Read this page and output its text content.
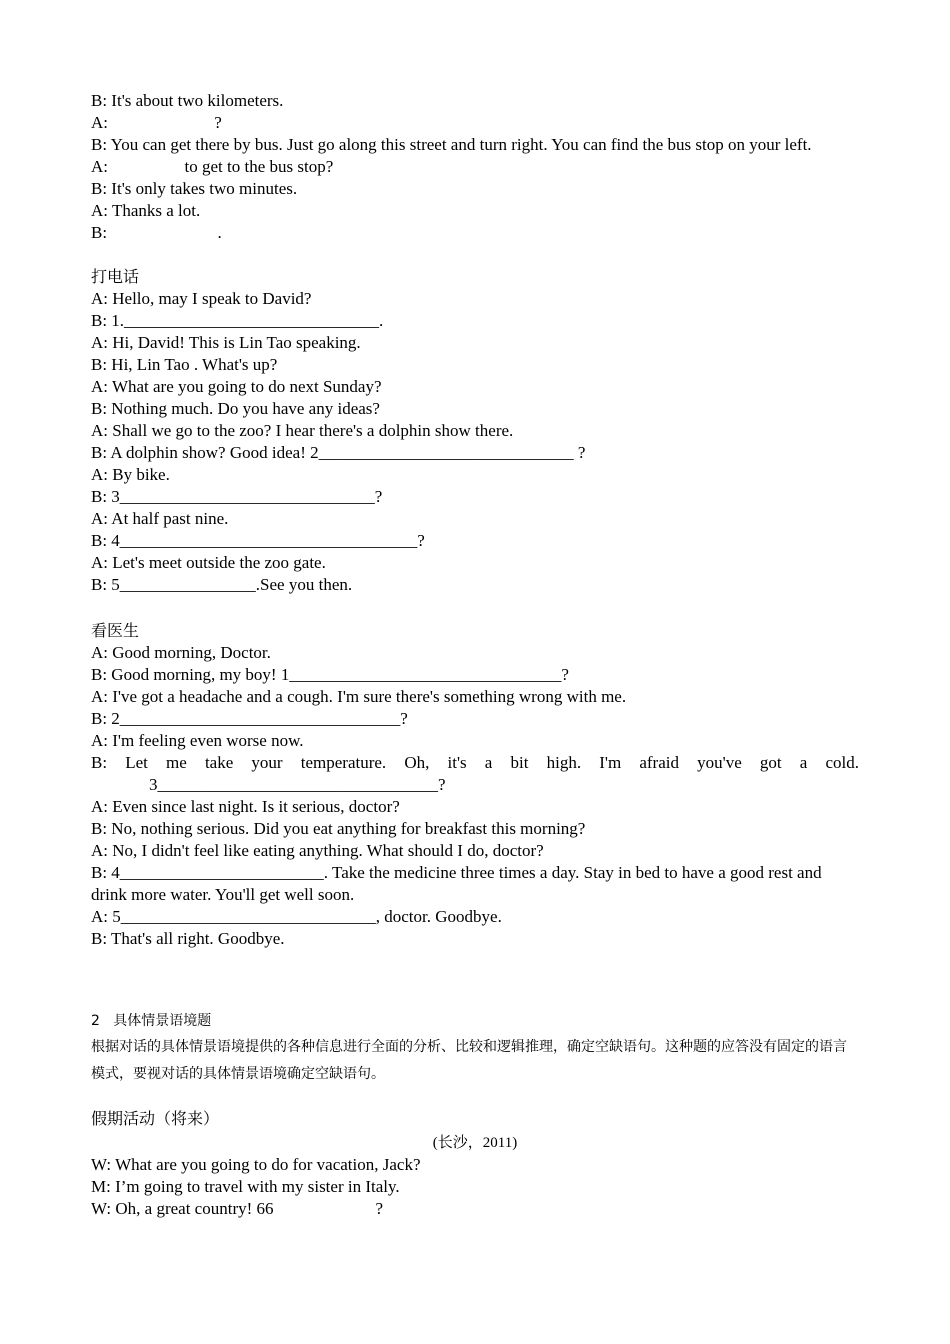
B: It's about two kilometers.
A:                         ?
B: You can get there by bus. Just go along this street and turn right. You can find the bus stop on your left.
A:                  to get to the bus stop?
B: It's only takes two minutes.
A: Thanks a lot.
B:                          .
打电话
A: Hello, may I speak to David?
B: 1.______________________________.
A: Hi, David! This is Lin Tao speaking.
B: Hi, Lin Tao . What's up?
A: What are you going to do next Sunday?
B: Nothing much. Do you have any ideas?
A: Shall we go to the zoo? I hear there's a dolphin show there.
B: A dolphin show? Good idea! 2______________________________ ?
A: By bike.
B: 3______________________________?
A: At half past nine.
B: 4___________________________________?
A: Let's meet outside the zoo gate.
B: 5________________.See you then.
看医生
A: Good morning, Doctor.
B: Good morning, my boy! 1________________________________?
A: I've got a headache and a cough. I'm sure there's something wrong with me.
B: 2_________________________________?
A: I'm feeling even worse now.
B: Let me take your temperature. Oh, it's a bit high. I'm afraid you've got a cold.
3_________________________________?
A: Even since last night. Is it serious, doctor?
B: No, nothing serious. Did you eat anything for breakfast this morning?
A: No, I didn't feel like eating anything. What should I do, doctor?
B: 4________________________. Take the medicine three times a day. Stay in bed to have a good rest and drink more water. You'll get well soon.
A: 5______________________________, doctor. Goodbye.
B: That's all right. Goodbye.
2   具体情景语境题
根据对话的具体情景语境提供的各种信息进行全面的分析、比较和逻辑推理，确定空缺语句。这种题的应答没有固定的语言模式，要视对话的具体情景语境确定空缺语句。
假期活动（将来）
(长沙，2011)
W: What are you going to do for vacation, Jack?
M: I’m going to travel with my sister in Italy.
W: Oh, a great country! 66                        ?
